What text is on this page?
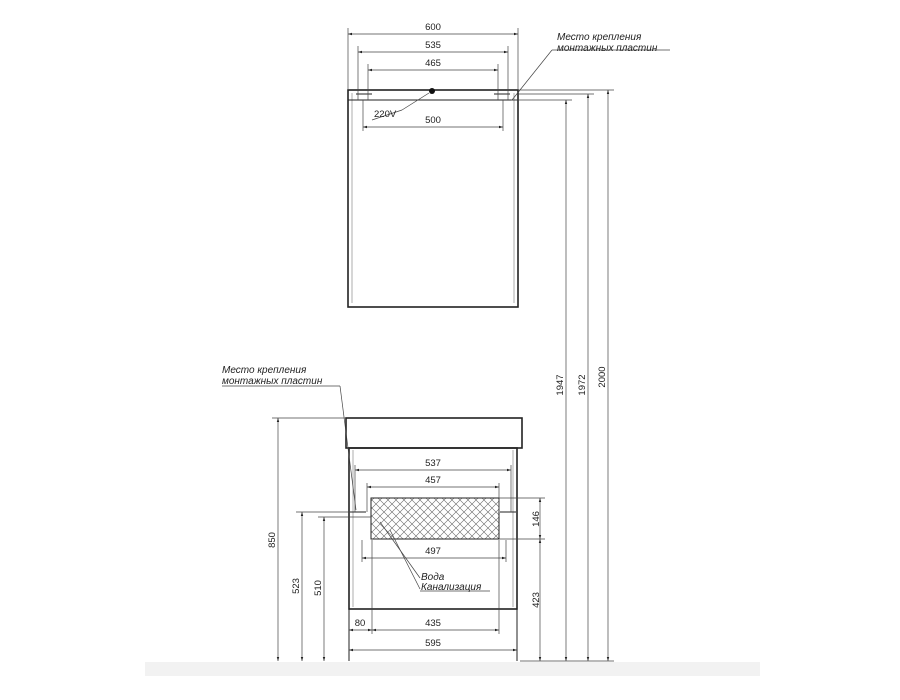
600
535
465
500
220V
Место крепления
монтажных пластин
Место крепления
монтажных пластин
537
457
497
80	435
595
146
423
850
523 510
Вода
Канализация
1947 1972 2000
